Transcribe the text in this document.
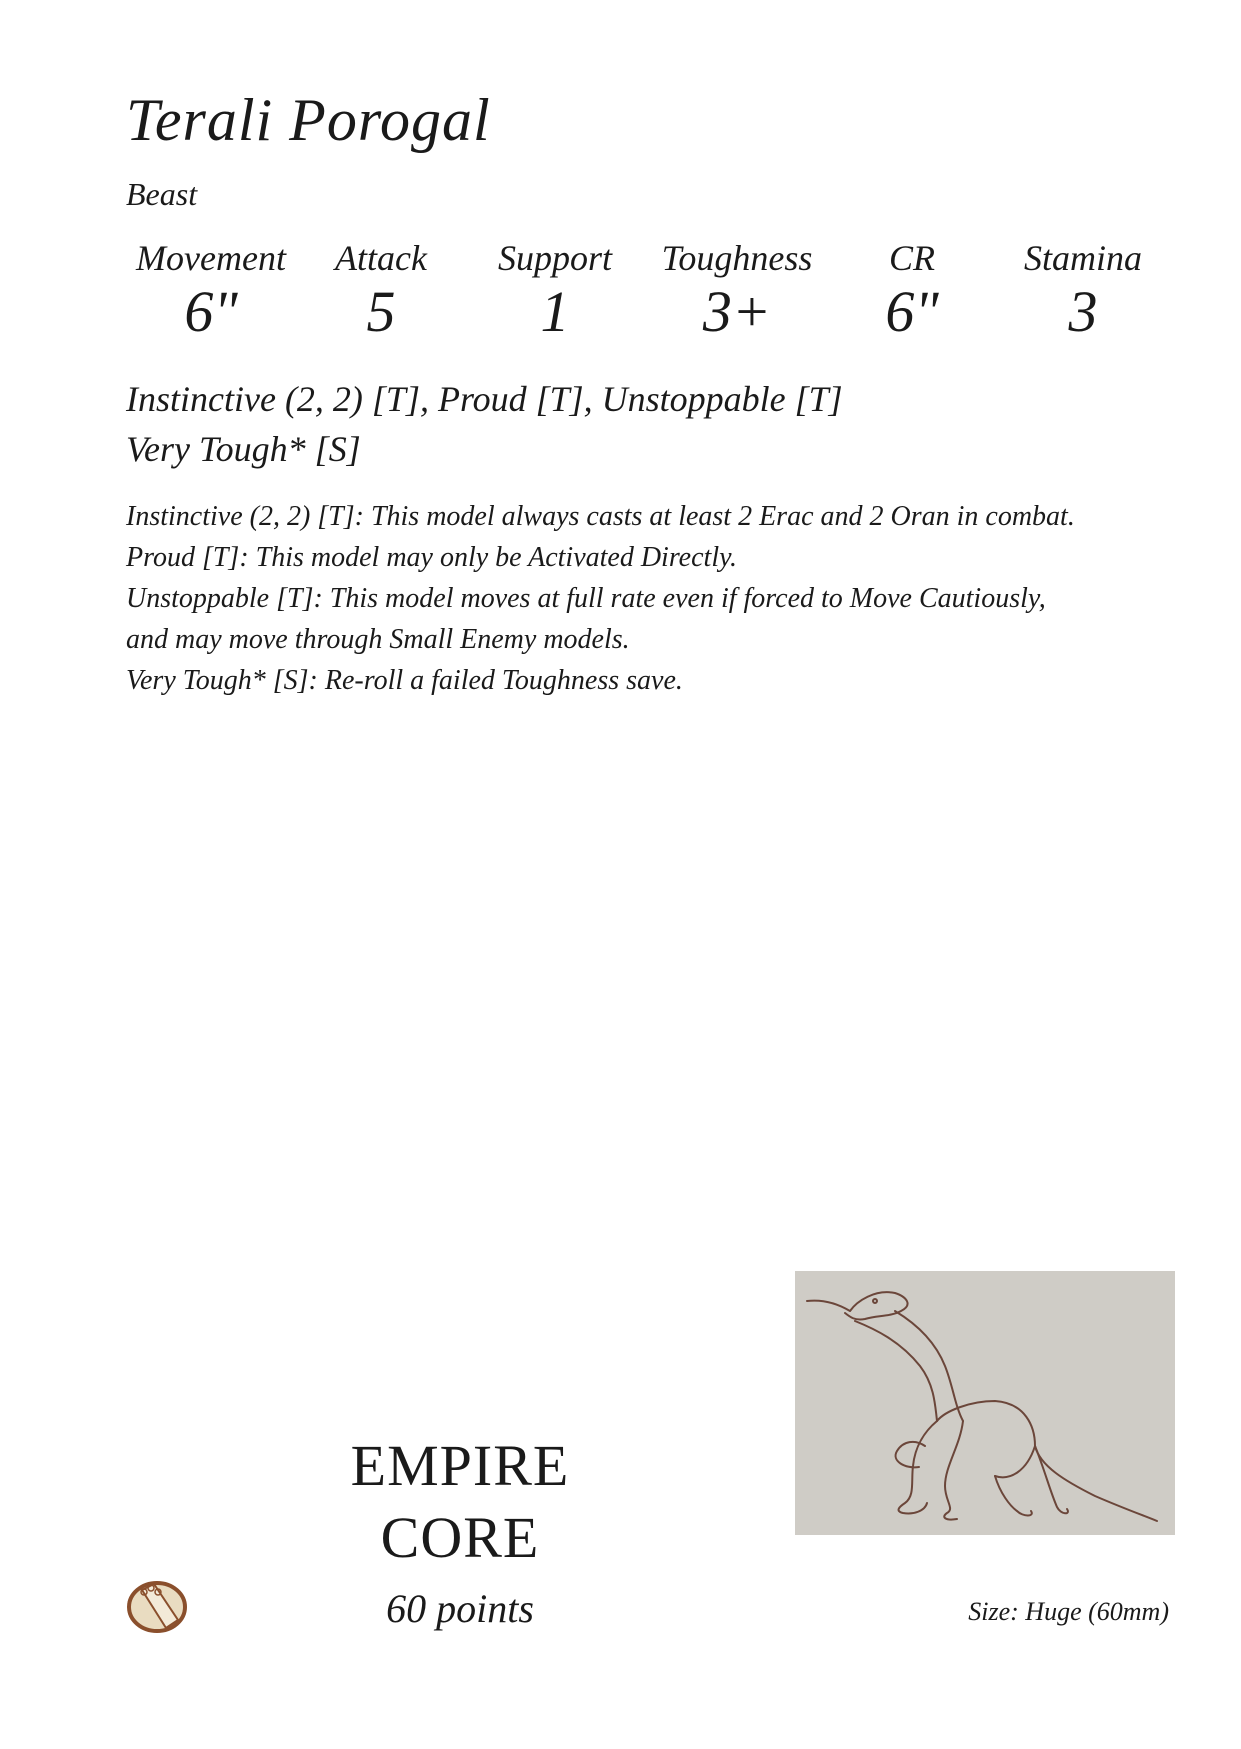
Terali Porogal
Beast
Movement
6"
Attack
5
Support
1
Toughness
3+
CR
6"
Stamina
3
Instinctive (2, 2) [T], Proud [T], Unstoppable [T]
Very Tough* [S]

Instinctive (2, 2) [T]: This model always casts at least 2 Erac and 2 Oran in combat.

Proud [T]: This model may only be Activated Directly.

Unstoppable [T]: This model moves at full rate even if forced to Move Cautiously, and may move through Small Enemy models.

Very Tough* [S]: Re-roll a failed Toughness save.

EMPIRE
CORE
60 points	Size: Huge (60mm)
